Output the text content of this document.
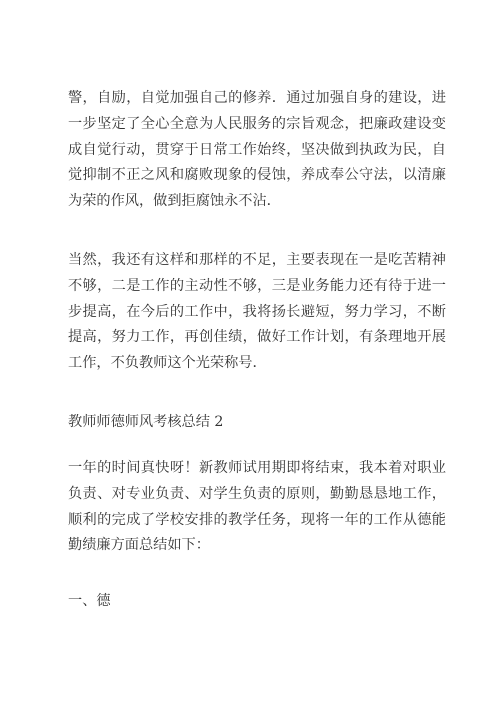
警，自励，自觉加强自己的修养．通过加强自身的建设，进一步坚定了全心全意为人民服务的宗旨观念，把廉政建设变成自觉行动，贯穿于日常工作始终，坚决做到执政为民，自觉抑制不正之风和腐败现象的侵蚀，养成奉公守法，以清廉为荣的作风，做到拒腐蚀永不沾．

当然，我还有这样和那样的不足，主要表现在一是吃苦精神不够，二是工作的主动性不够，三是业务能力还有待于进一步提高，在今后的工作中，我将扬长避短，努力学习，不断提高，努力工作，再创佳绩，做好工作计划，有条理地开展工作，不负教师这个光荣称号．

教师师德师风考核总结 2

一年的时间真快呀！新教师试用期即将结束，我本着对职业负责、对专业负责、对学生负责的原则，勤勤恳恳地工作，顺利的完成了学校安排的教学任务，现将一年的工作从德能勤绩廉方面总结如下：

一、德
